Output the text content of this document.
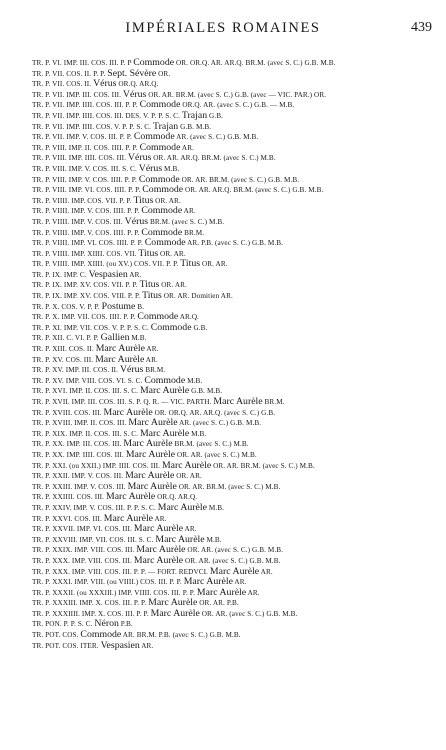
IMPÉRIALES ROMAINES	439
TR. P. VI. IMP. III. COS. III. P. P Commode OR. OR.Q. AR. AR.Q. BR.M. (avec S. C.) G.B. M.B.
TR. P. VII. COS. II. P. P. Sept. Sévère OR.
TR. P. VII. COS. II. Vérus OR.Q. AR.Q.
TR. P. VII. IMP. III. COS. III. Vérus OR. AR. BR.M. (avec S. C.) G.B. (avec — VIC. PAR.) OR.
TR. P. VII. IMP. IIII. COS. III. P. P. Commode OR.Q. AR. (avec S. C.) G.B. — M.B.
TR. P. VII. IMP. IIII. COS. III. DES. V. P. P. S. C. Trajan G.B.
TR. P. VII. IMP. IIII. COS. V. P. P. S. C. Trajan G.B. M.B.
TR. P. VII. IMP. V. COS. III. P. P. Commode AR. (avec S. C.) G.B. M.B.
TR. P. VIII. IMP. II. COS. IIII. P. P. Commode AR.
TR. P. VIII. IMP. IIII. COS. III. Vérus OR. AR. AR.Q. BR.M. (avec S. C.) M.B.
TR. P. VIII. IMP. V. COS. III. S. C. Vérus M.B.
TR. P. VIII. IMP. V. COS. IIII. P. P. Commode OR. AR. BR.M. (avec S. C.) G.B. M.B.
TR. P. VIII. IMP. VI. COS. IIII. P. P. Commode OR. AR. AR.Q. BR.M. (avec S. C.) G.B. M.B.
TR. P. VIIII. IMP. COS. VII. P. P. Titus OR. AR.
TR. P. VIIII. IMP. V. COS. IIII. P. P. Commode AR.
TR. P. VIIII. IMP. V. COS. III. Vérus BR.M. (avec S. C.) M.B.
TR. P. VIIII. IMP. V. COS. IIII. P. P. Commode BR.M.
TR. P. VIIII. IMP. VI. COS. IIII. P. P. Commode AR. P.B. (avec S. C.) G.B. M.B.
TR. P. VIIII. IMP. XIIII. COS. VII. Titus OR. AR.
TR. P. VIIII. IMP. XIIII. (ou XV.) COS. VII. P. P. Titus OR. AR.
TR. P. IX. IMP. C. Vespasien AR.
TR. P. IX. IMP. XV. COS. VII. P. P. Titus OR. AR.
TR. P. IX. IMP. XV. COS. VIII. P. P. Titus OR. AR. Domitien AR.
TR. P. X. COS. V. P. P. Postume B.
TR. P. X. IMP. VII. COS. IIII. P. P. Commode AR.Q.
TR. P. XI. IMP. VII. COS. V. P. P. S. C. Commode G.B.
TR. P. XII. C. VI. P. P. Gallien M.B.
TR. P. XIII. COS. II. Marc Aurèle AR.
TR. P. XV. COS. III. Marc Aurèle AR.
TR. P. XV. IMP. III. COS. II. Vérus BR.M.
TR. P. XV. IMP. VIII. COS. VI. S. C. Commode M.B.
TR. P. XVI. IMP. II. COS. III. S. C. Marc Aurèle G.B. M.B.
TR. P. XVII. IMP. III. COS. III. S. P. Q. R. — VIC. PARTH. Marc Aurèle BR.M.
TR. P. XVIII. COS. III. Marc Aurèle OR. OR.Q. AR. AR.Q. (avec S. C.) G.B.
TR. P. XVIII. IMP. II. COS. III. Marc Aurèle AR. (avec S. C.) G.B. M.B.
TR. P. XIX. IMP. II. COS. III. S. C. Marc Aurèle M.B.
TR. P. XX. IMP. III. COS. III. Marc Aurèle BR.M. (avec S. C.) M.B.
TR. P. XX. IMP. IIII. COS. III. Marc Aurèle OR. AR. (avec S. C.) M.B.
TR. P. XXI. (ou XXII.) IMP. IIII. COS. III. Marc Aurèle OR. AR. BR.M. (avec S. C.) M.B.
TR. P. XXII. IMP. V. COS. III. Marc Aurèle OR. AR.
TR. P. XXIII. IMP. V. COS. III. Marc Aurèle OR. AR. BR.M. (avec S. C.) M.B.
TR. P. XXIIII. COS. III. Marc Aurèle OR.Q. AR.Q.
TR. P. XXIV. IMP. V. COS. III. P. P. S. C. Marc Aurèle M.B.
TR. P. XXVI. COS. III. Marc Aurèle AR.
TR. P. XXVII. IMP. VI. COS. III. Marc Aurèle AR.
TR. P. XXVIII. IMP. VII. COS. III. S. C. Marc Aurèle M.B.
TR. P. XXIX. IMP. VIII. COS. III. Marc Aurèle OR. AR. (avec S. C.) G.B. M.B.
TR. P. XXX. IMP. VIII. COS. III. Marc Aurèle OR. AR. (avec S. C.) G.B. M.B.
TR. P. XXX. IMP. VIII. COS. III. P. P. — FORT. REDVCI. Marc Aurèle AR.
TR. P. XXXI. IMP. VIII. (ou VIIII.) COS. III. P. P. Marc Aurèle AR.
TR. P. XXXII. (ou XXXIII.) IMP. VIIII. COS. III. P. P. Marc Aurèle AR.
TR. P. XXXIII. IMP. X. COS. III. P. P. Marc Aurèle OR. AR. P.B.
TR. P. XXXIIII. IMP. X. COS. III. P. P. Marc Aurèle OR. AR. (avec S. C.) G.B. M.B.
TR. PON. P. P. S. C. Néron P.B.
TR. POT. COS. Commode AR. BR.M. P.B. (avec S. C.) G.B. M.B.
TR. POT. COS. ITER. Vespasien AR.
